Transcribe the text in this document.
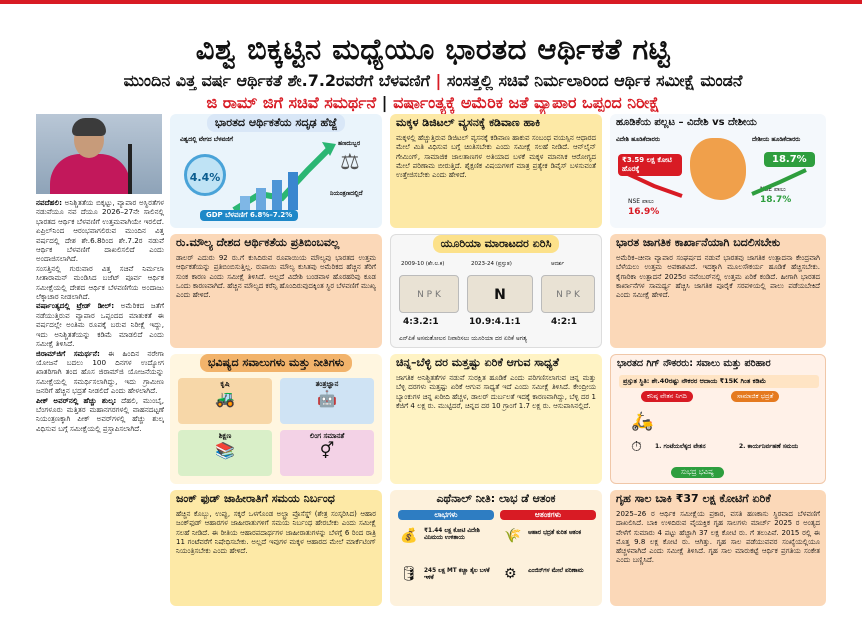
ವಿಶ್ವ ಬಿಕ್ಕಟ್ಟಿನ ಮಧ್ಯೆಯೂ ಭಾರತದ ಆರ್ಥಿಕತೆ ಗಟ್ಟಿ
ಮುಂದಿನ ವಿತ್ತ ವರ್ಷ ಆರ್ಥಿಕತೆ ಶೇ.7.2ರವರೆಗೆ ಬೆಳವಣಿಗೆ | ಸಂಸತ್ತಲ್ಲಿ ಸಚಿವೆ ನಿರ್ಮಲಾರಿಂದ ಆರ್ಥಿಕ ಸಮೀಕ್ಷೆ ಮಂಡನೆ
ಜಿ ರಾಮ್ ಜಿಗೆ ಸಚಿವೆ ಸಮರ್ಥನೆ | ವರ್ಷಾಂತ್ಯಕ್ಕೆ ಅಮೆರಿಕ ಜತೆ ವ್ಯಾಪಾರ ಒಪ್ಪಂದ ನಿರೀಕ್ಷೆ

ನವದೆಹಲಿ: ಅನಿಶ್ಚಿತತೆಯ ಬಿಕ್ಕಟ್ಟು, ವ್ಯಾಪಾರ ಅಸ್ಥಿರತೆಗಳ ನಡುವೆಯೂ ನವ ದೆಯೂ 2026–27ನೇ ಸಾಲಿನಲ್ಲಿ ಭಾರತದ ಆರ್ಥಿಕ ಬೆಳವಣಿಗೆ ಉತ್ತಮವಾಗಿಯೇ ಇರಲಿದೆ. ಏಪ್ರಿಲ್‌ನಿಂದ ಆರಂಭವಾಗಲಿರುವ ಮುಂದಿನ ವಿತ್ತ ವರ್ಷದಲ್ಲಿ ದೇಶ ಶೇ.6.8ರಿಂದ ಶೇ.7.2ರ ನಡುವೆ ಆರ್ಥಿಕ ಬೆಳವಣಿಗೆ ದಾಖಲಿಸಲಿದೆ ಎಂದು ಅಂದಾಜಿಸಲಾಗಿದೆ.

ಸಂಸತ್ತಿನಲ್ಲಿ ಗುರುವಾರ ವಿತ್ತ ಸಚಿವೆ ನಿರ್ಮಲಾ ಸೀತಾರಾಮನ್ ಮಂಡಿಸಿದ ಬಜೆಟ್ ಪೂರ್ವ ಆರ್ಥಿಕ ಸಮೀಕ್ಷೆಯಲ್ಲಿ ದೇಶದ ಆರ್ಥಿಕ ಬೆಳವಣಿಗೆಯ ಅಂದಾಜು ಲೆಕ್ಕಾಚಾರ ನೀಡಲಾಗಿದೆ.

ವರ್ಷಾಂತ್ಯದಲ್ಲಿ ಟ್ರೇಡ್ ಡೀಲ್: ಅಮೆರಿಕದ ಜತೆಗೆ ನಡೆಯುತ್ತಿರುವ ವ್ಯಾಪಾರ ಒಪ್ಪಂದದ ಮಾತುಕತೆ ಈ ವರ್ಷದಲ್ಲೇ ಅಂತಿಮ ರೂಪಕ್ಕೆ ಬರುವ ನಿರೀಕ್ಷೆ ಇದ್ದು, ಇದು ಅನಿಶ್ಚಿತತೆಯನ್ನು ಕಡಿಮೆ ಮಾಡಲಿದೆ ಎಂದು ಸಮೀಕ್ಷೆ ತಿಳಿಸಿದೆ.

ಜಿರಾಮ್‌ಜಿಗೆ ಸಮರ್ಥನೆ: ಈ ಹಿಂದಿನ ನರೇಗಾ ಯೋಜನೆ ಬದಲು 100 ದಿನಗಳ ಉದ್ಯೋಗ ಖಾತರಿಗಾಗಿ ತಂದ ಹೊಸ ಜಿರಾಮ್‌ಜಿ ಯೋಜನೆಯನ್ನು ಸಮೀಕ್ಷೆಯಲ್ಲಿ ಸಮರ್ಥಿಸಲಾಗಿದ್ದು, ಇದು ಗ್ರಾಮೀಣ ಜನರಿಗೆ ಹೆಚ್ಚಿನ ಭದ್ರತೆ ನೀಡಲಿದೆ ಎಂದು ಹೇಳಲಾಗಿದೆ.

ಪೀಕ್ ಅವರ್‌ನಲ್ಲಿ ಹೆಚ್ಚು ಶುಲ್ಕ: ದೆಹಲಿ, ಮುಂಬೈ, ಬೆಂಗಳೂರು ಮತ್ತಿತರ ಮಹಾನಗರಗಳಲ್ಲಿ ವಾಹನದಟ್ಟಣೆ ನಿಯಂತ್ರಣಕ್ಕಾಗಿ ಪೀಕ್ ಅವರ್‌ಗಳಲ್ಲಿ ಹೆಚ್ಚು ಶುಲ್ಕ ವಿಧಿಸುವ ಬಗ್ಗೆ ಸಮೀಕ್ಷೆಯಲ್ಲಿ ಪ್ರಸ್ತಾಪಿಸಲಾಗಿದೆ.

ಭಾರತದ ಆರ್ಥಿಕತೆಯ ಸದೃಢ ಹೆಜ್ಜೆ
ವಿಶ್ವದಲ್ಲಿ ವೇಗದ ಬೆಳವಣಿಗೆ
4.4%
⚖
ಹಣದುಬ್ಬರ
ನಿಯಂತ್ರಣದಲ್ಲಿದೆ
GDP ಬೆಳವಣಿಗೆ 6.8%–7.2%
ಮಕ್ಕಳ ಡಿಜಿಟಲ್ ವ್ಯಸನಕ್ಕೆ ಕಡಿವಾಣ ಹಾಕಿ
ಮಕ್ಕಳಲ್ಲಿ ಹೆಚ್ಚುತ್ತಿರುವ ಡಿಜಿಟಲ್ ವ್ಯಸನಕ್ಕೆ ಕಡಿವಾಣ ಹಾಕುವ ಸಂಬಂಧ ವಯಸ್ಸಿನ ಆಧಾರದ ಮೇಲೆ ಮಿತಿ ವಿಧಿಸುವ ಬಗ್ಗೆ ಚಿಂತಿಸಬೇಕು ಎಂದು ಸಮೀಕ್ಷೆ ಸಲಹೆ ನೀಡಿದೆ. ಆನ್‌ಲೈನ್ ಗೇಮಿಂಗ್, ಸಾಮಾಜಿಕ ಜಾಲತಾಣಗಳ ಅತಿಯಾದ ಬಳಕೆ ಮಕ್ಕಳ ಮಾನಸಿಕ ಆರೋಗ್ಯದ ಮೇಲೆ ಪರಿಣಾಮ ಬೀರುತ್ತಿದೆ. ಶೈಕ್ಷಣಿಕ ವಿಷಯಗಳಿಗೆ ಮಾತ್ರ ಪ್ರತ್ಯೇಕ ಡಿವೈಸ್ ಬಳಸುವಂತೆ ಉತ್ತೇಜಿಸಬೇಕು ಎಂದು ಹೇಳಿದೆ.
ಹೂಡಿಕೆಯ ಪಲ್ಲಟ – ವಿದೇಶಿ vs ದೇಶೀಯ
ವಿದೇಶಿ ಹೂಡಿಕೆದಾರರು
₹3.59 ಲಕ್ಷ ಕೋಟಿ ಹೊರಕ್ಕೆ
ದೇಶೀಯ ಹೂಡಿಕೆದಾರರು
18.7%
NSE ಪಾಲು
16.9%
NSE ಪಾಲು
18.7%
ರು.ಮೌಲ್ಯ ದೇಶದ ಆರ್ಥಿಕತೆಯ ಪ್ರತಿಬಿಂಬವಲ್ಲ
ಡಾಲರ್ ಎದುರು 92 ರು.ಗೆ ಕುಸಿದಿರುವ ರೂಪಾಯಿಯ ಮೌಲ್ಯವು ಭಾರತದ ಉತ್ತಮ ಆರ್ಥಿಕತೆಯನ್ನು ಪ್ರತಿಬಿಂಬಿಸುತ್ತಿಲ್ಲ. ರುಪಾಯಿ ಮೌಲ್ಯ ಕುಸಿತವು ಅಮೆರಿಕದ ಹೆಚ್ಚಿನ ತೆರಿಗೆ ಸುಂಕ ಕಾರಣ ಎಂದು ಸಮೀಕ್ಷೆ ತಿಳಿಸಿದೆ. ಅಲ್ಲದೆ ವಿದೇಶಿ ಬಂಡವಾಳ ಹೊರಹರಿವು ಕೂಡ ಒಂದು ಕಾರಣವಾಗಿದೆ. ಹೆಚ್ಚಿನ ಮೌಲ್ಯದ ಕರೆನ್ಸಿ ಹೊಂದಿರುವುದಕ್ಕಿಂತ ಸ್ಥಿರ ಬೆಳವಣಿಗೆ ಮುಖ್ಯ ಎಂದು ಹೇಳಿದೆ.
ಯೂರಿಯಾ ಮಾರಾಟದರ ಏರಿಸಿ
2009-10 (ಶೇ.ಲ.ಕ)	2023-24 (ಪ್ರಸ್ತುತ)	ಆದರ್ಶ
N P K	N	N P K
4:3.2:1	10.9:4.1:1	4:2:1
ಎನ್‌ಪಿಕೆ ಅಸಮತೋಲನ ನಿವಾರಿಸಲು ಯೂರಿಯಾ ದರ ಏರಿಕೆ ಅಗತ್ಯ
ಭಾರತ ಜಾಗತಿಕ ಕಾರ್ಖಾನೆಯಾಗಿ ಬದಲಿಸಬೇಕು
ಅಮೆರಿಕ–ಚೀನಾ ವ್ಯಾಪಾರ ಸಂಘರ್ಷದ ನಡುವೆ ಭಾರತವು ಜಾಗತಿಕ ಉತ್ಪಾದನಾ ಕೇಂದ್ರವಾಗಿ ಬೆಳೆಯಲು ಉತ್ತಮ ಅವಕಾಶವಿದೆ. ಇದಕ್ಕಾಗಿ ಮೂಲಸೌಕರ್ಯ ಹೂಡಿಕೆ ಹೆಚ್ಚಿಸಬೇಕು. ಕೈಗಾರಿಕಾ ಉತ್ಪಾದನೆ 2025ರ ನವೆಂಬರ್‌ನಲ್ಲಿ ಉತ್ತಮ ಏರಿಕೆ ಕಂಡಿದೆ. ಹೀಗಾಗಿ ಭಾರತದ ಕಾರ್ಖಾನೆಗಳ ಸಾಮರ್ಥ್ಯ ಹೆಚ್ಚಿಸಿ ಜಾಗತಿಕ ಪೂರೈಕೆ ಸರಪಳಿಯಲ್ಲಿ ಪಾಲು ಪಡೆಯಬೇಕಿದೆ ಎಂದು ಸಮೀಕ್ಷೆ ಹೇಳಿದೆ.
ಭವಿಷ್ಯದ ಸವಾಲುಗಳು ಮತ್ತು ನೀತಿಗಳು
ಕೃಷಿ
🚜
ತಂತ್ರಜ್ಞಾನ
🤖
ಶಿಕ್ಷಣ
📚
ಲಿಂಗ ಸಮಾನತೆ
⚥
ಚಿನ್ನ–ಬೆಳ್ಳಿ ದರ ಮತ್ತಷ್ಟು ಏರಿಕೆ ಆಗುವ ಸಾಧ್ಯತೆ
ಜಾಗತಿಕ ಅನಿಶ್ಚಿತತೆಗಳ ನಡುವೆ ಸುರಕ್ಷಿತ ಹೂಡಿಕೆ ಎಂದು ಪರಿಗಣಿಸಲಾಗುವ ಚಿನ್ನ ಮತ್ತು ಬೆಳ್ಳಿ ದರಗಳು ಮತ್ತಷ್ಟು ಏರಿಕೆ ಆಗುವ ಸಾಧ್ಯತೆ ಇದೆ ಎಂದು ಸಮೀಕ್ಷೆ ತಿಳಿಸಿದೆ. ಕೇಂದ್ರೀಯ ಬ್ಯಾಂಕುಗಳ ಚಿನ್ನ ಖರೀದಿ ಹೆಚ್ಚಳ, ಡಾಲರ್ ದುರ್ಬಲತೆ ಇದಕ್ಕೆ ಕಾರಣವಾಗಿದ್ದು, ಬೆಳ್ಳಿ ದರ 1 ಕೆಜಿಗೆ 4 ಲಕ್ಷ ರು. ಮುಟ್ಟಿದರೆ, ಚಿನ್ನದ ದರ 10 ಗ್ರಾಂಗೆ 1.7 ಲಕ್ಷ ರು. ಆಸುಪಾಸಿನಲ್ಲಿದೆ.
ಭಾರತದ ಗಿಗ್ ನೌಕರರು: ಸವಾಲು ಮತ್ತು ಪರಿಹಾರ
ಪ್ರಸ್ತುತ ಸ್ಥಿತಿ: ಶೇ.40ರಷ್ಟು ನೌಕರರ ಆದಾಯ ₹15K ಗಿಂತ ಕಡಿಮೆ
ಕನಿಷ್ಠ ವೇತನ ನಿಗದಿ	ಸಾಮಾಜಿಕ ಭದ್ರತೆ
🛵
⏱ 1. ಗಂಟೆಯಲೆಕ್ಕದ ವೇತನ	2. ಕಾರ್ಯನಿರ್ವಹಣೆ ಸಮಯ
ಸುಭದ್ರ ಭವಿಷ್ಯ
ಜಂಕ್ ಫುಡ್ ಜಾಹೀರಾತಿಗೆ ಸಮಯ ನಿರ್ಬಂಧ
ಹೆಚ್ಚಿನ ಕೊಬ್ಬು, ಉಪ್ಪು, ಸಕ್ಕರೆ ಒಳಗೊಂಡ ಅಲ್ಟ್ರಾ ಪ್ರೊಸೆಸ್ಡ್ (ಶೇತ್ರ ಸಂಸ್ಕರಿಸಿದ) ಆಹಾರ ಜಂಕ್‌ಫುಡ್ ಆಹಾರಗಳ ಜಾಹೀರಾತುಗಳಿಗೆ ಸಮಯ ನಿರ್ಬಂಧ ಹೇರಬೇಕು ಎಂದು ಸಮೀಕ್ಷೆ ಸಲಹೆ ನೀಡಿದೆ. ಈ ರೀತಿಯ ಆಹಾರಪದಾರ್ಥಗಳ ಜಾಹೀರಾತುಗಳನ್ನು ಬೆಳಗ್ಗೆ 6 ರಿಂದ ರಾತ್ರಿ 11 ಗಂಟೆವರೆಗೆ ನಿಷೇಧಿಸಬೇಕು. ಅಲ್ಲದೆ ಇವುಗಳ ಮಕ್ಕಳ ಆಹಾರದ ಮೇಲೆ ಮಾರ್ಕೆಟಿಂಗ್ ನಿಯಂತ್ರಿಸಬೇಕು ಎಂದು ಹೇಳಿದೆ.
ಎಥೆನಾಲ್ ನೀತಿ: ಲಾಭ ಡೆ ಆತಂಕ
ಲಾಭಗಳು	ಆತಂಕಗಳು
💰 ₹1.44 ಲಕ್ಷ ಕೋಟಿ ವಿದೇಶಿ ವಿನಿಮಯ ಉಳಿತಾಯ
🛢 245 ಲಕ್ಷ MT ಕಚ್ಚಾ ತೈಲ ಬಳಕೆ ಇಳಿಕೆ
🌾 ಆಹಾರ ಭದ್ರತೆ ಕುರಿತ ಆತಂಕ
⚙ ಎಂಜಿನ್‌ಗಳ ಮೇಲೆ ಪರಿಣಾಮ
ಗೃಹ ಸಾಲ ಬಾಕಿ ₹37 ಲಕ್ಷ ಕೋಟಿಗೆ ಏರಿಕೆ
2025–26 ರ ಆರ್ಥಿಕ ಸಮೀಕ್ಷೆಯ ಪ್ರಕಾರ, ವಸತಿ ಹಣಕಾಸು ಸ್ಥಿರವಾದ ಬೆಳವಣಿಗೆ ದಾಖಲಿಸಿದೆ. ಬಾಕಿ ಉಳಿದಿರುವ ವೈಯಕ್ತಿಕ ಗೃಹ ಸಾಲಗಳು ಮಾರ್ಚ್ 2025 ರ ಅಂತ್ಯದ ವೇಳೆಗೆ ಸುಮಾರು 4 ಪಟ್ಟು ಹೆಚ್ಚಾಗಿ 37 ಲಕ್ಷ ಕೋಟಿ ರು. ಗೆ ತಲುಪಿವೆ. 2015 ರಲ್ಲಿ ಈ ಮೊತ್ತ 9.8 ಲಕ್ಷ ಕೋಟಿ ರು. ಆಗಿತ್ತು. ಗೃಹ ಸಾಲ ಪಡೆಯುವವರ ಸಂಖ್ಯೆಯಲ್ಲಿಯೂ ಹೆಚ್ಚಳವಾಗಿದೆ ಎಂದು ಸಮೀಕ್ಷೆ ತಿಳಿಸಿದೆ. ಗೃಹ ಸಾಲ ಮಾರುಕಟ್ಟೆ ಆರ್ಥಿಕ ಪ್ರಗತಿಯ ಸಂಕೇತ ಎಂದು ಬಣ್ಣಿಸಿದೆ.
